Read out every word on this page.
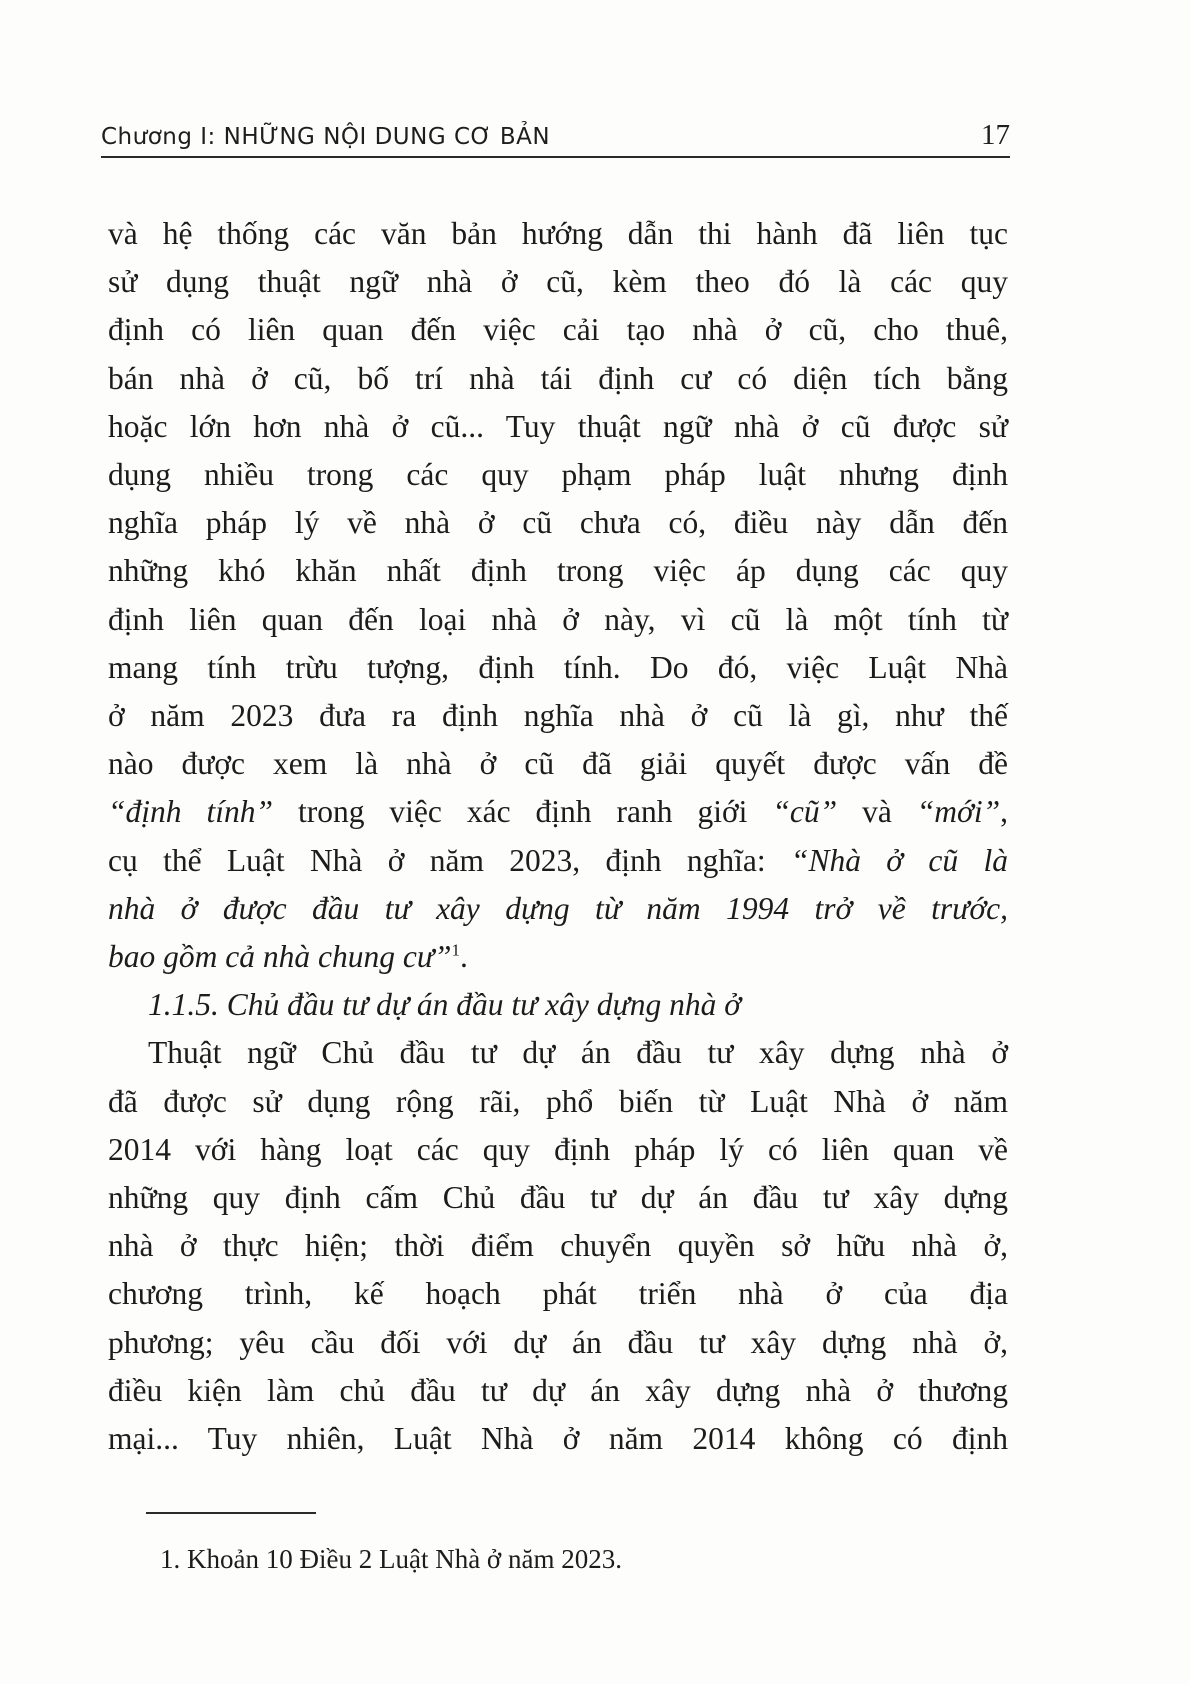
Chương I: NHỮNG NỘI DUNG CƠ BẢN	17
và hệ thống các văn bản hướng dẫn thi hành đã liên tục
sử dụng thuật ngữ nhà ở cũ, kèm theo đó là các quy
định có liên quan đến việc cải tạo nhà ở cũ, cho thuê,
bán nhà ở cũ, bố trí nhà tái định cư có diện tích bằng
hoặc lớn hơn nhà ở cũ... Tuy thuật ngữ nhà ở cũ được sử
dụng nhiều trong các quy phạm pháp luật nhưng định
nghĩa pháp lý về nhà ở cũ chưa có, điều này dẫn đến
những khó khăn nhất định trong việc áp dụng các quy
định liên quan đến loại nhà ở này, vì cũ là một tính từ
mang tính trừu tượng, định tính. Do đó, việc Luật Nhà
ở năm 2023 đưa ra định nghĩa nhà ở cũ là gì, như thế
nào được xem là nhà ở cũ đã giải quyết được vấn đề
“định tính” trong việc xác định ranh giới “cũ” và “mới”,
cụ thể Luật Nhà ở năm 2023, định nghĩa: “Nhà ở cũ là
nhà ở được đầu tư xây dựng từ năm 1994 trở về trước,
bao gồm cả nhà chung cư”$^1$.
1.1.5. Chủ đầu tư dự án đầu tư xây dựng nhà ở
Thuật ngữ Chủ đầu tư dự án đầu tư xây dựng nhà ở
đã được sử dụng rộng rãi, phổ biến từ Luật Nhà ở năm
2014 với hàng loạt các quy định pháp lý có liên quan về
những quy định cấm Chủ đầu tư dự án đầu tư xây dựng
nhà ở thực hiện; thời điểm chuyển quyền sở hữu nhà ở,
chương trình, kế hoạch phát triển nhà ở của địa
phương; yêu cầu đối với dự án đầu tư xây dựng nhà ở,
điều kiện làm chủ đầu tư dự án xây dựng nhà ở thương
mại... Tuy nhiên, Luật Nhà ở năm 2014 không có định
1. Khoản 10 Điều 2 Luật Nhà ở năm 2023.
